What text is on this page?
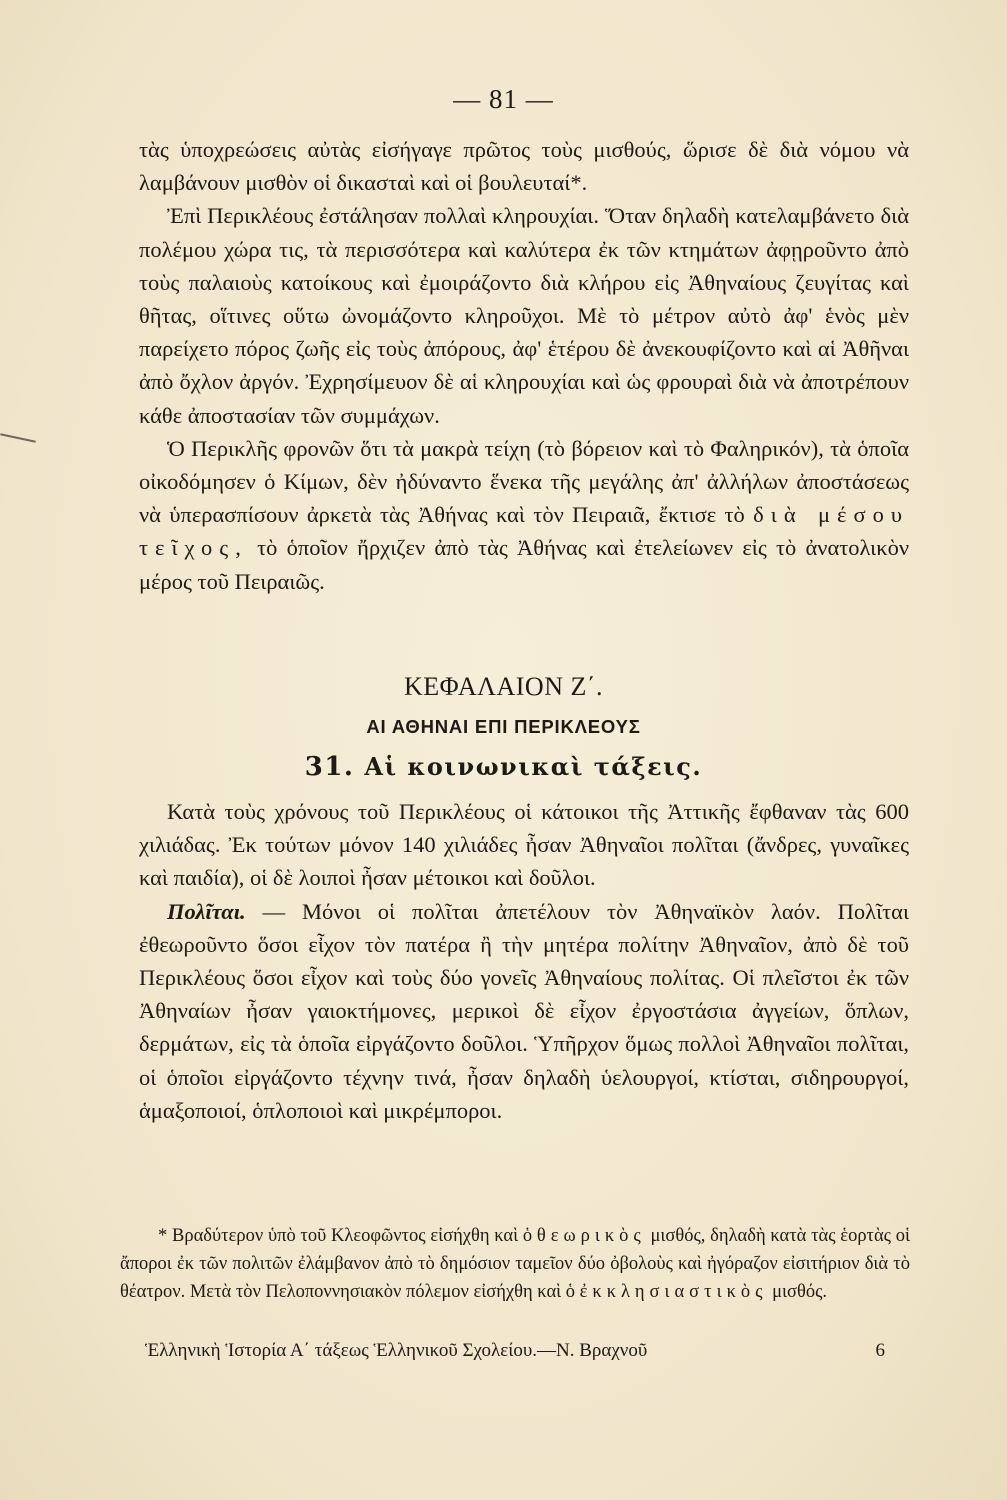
— 81 —

τὰς ὑποχρεώσεις αὐτὰς εἰσήγαγε πρῶτος τοὺς μισθούς, ὥρισε δὲ διὰ νόμου νὰ λαμβάνουν μισθὸν οἱ δικασταὶ καὶ οἱ βουλευταί*.

Ἐπὶ Περικλέους ἐστάλησαν πολλαὶ κληρουχίαι. Ὅταν δηλαδὴ κατελαμβάνετο διὰ πολέμου χώρα τις, τὰ περισσότερα καὶ καλύτερα ἐκ τῶν κτημάτων ἀφῃροῦντο ἀπὸ τοὺς παλαιοὺς κατοίκους καὶ ἐμοιράζοντο διὰ κλήρου εἰς Ἀθηναίους ζευγίτας καὶ θῆτας, οἵτινες οὕτω ὠνομάζοντο κληροῦχοι. Μὲ τὸ μέτρον αὐτὸ ἀφ' ἑνὸς μὲν παρείχετο πόρος ζωῆς εἰς τοὺς ἀπόρους, ἀφ' ἑτέρου δὲ ἀνεκουφίζοντο καὶ αἱ Ἀθῆναι ἀπὸ ὄχλον ἀργόν. Ἐχρησίμευον δὲ αἱ κληρουχίαι καὶ ὡς φρουραὶ διὰ νὰ ἀποτρέπουν κάθε ἀποστασίαν τῶν συμμάχων.

Ὁ Περικλῆς φρονῶν ὅτι τὰ μακρὰ τείχη (τὸ βόρειον καὶ τὸ Φαληρικόν), τὰ ὁποῖα οἰκοδόμησεν ὁ Κίμων, δὲν ἠδύναντο ἕνεκα τῆς μεγάλης ἀπ' ἀλλήλων ἀποστάσεως νὰ ὑπερασπίσουν ἀρκετὰ τὰς Ἀθήνας καὶ τὸν Πειραιᾶ, ἔκτισε τὸ διὰ μέσου τεῖχος, τὸ ὁποῖον ἤρχιζεν ἀπὸ τὰς Ἀθήνας καὶ ἐτελείωνεν εἰς τὸ ἀνατολικὸν μέρος τοῦ Πειραιῶς.

ΚΕΦΑΛΑΙΟΝ Ζ΄.
ΑΙ ΑΘΗΝΑΙ ΕΠΙ ΠΕΡΙΚΛΕΟΥΣ
31. Αἱ κοινωνικαὶ τάξεις.

Κατὰ τοὺς χρόνους τοῦ Περικλέους οἱ κάτοικοι τῆς Ἀττικῆς ἔφθαναν τὰς 600 χιλιάδας. Ἐκ τούτων μόνον 140 χιλιάδες ἦσαν Ἀθηναῖοι πολῖται (ἄνδρες, γυναῖκες καὶ παιδία), οἱ δὲ λοιποὶ ἦσαν μέτοικοι καὶ δοῦλοι.

Πολῖται. — Μόνοι οἱ πολῖται ἀπετέλουν τὸν Ἀθηναϊκὸν λαόν. Πολῖται ἐθεωροῦντο ὅσοι εἶχον τὸν πατέρα ἢ τὴν μητέρα πολίτην Ἀθηναῖον, ἀπὸ δὲ τοῦ Περικλέους ὅσοι εἶχον καὶ τοὺς δύο γονεῖς Ἀθηναίους πολίτας. Οἱ πλεῖστοι ἐκ τῶν Ἀθηναίων ἦσαν γαιοκτήμονες, μερικοὶ δὲ εἶχον ἐργοστάσια ἀγγείων, ὅπλων, δερμάτων, εἰς τὰ ὁποῖα εἰργάζοντο δοῦλοι. Ὑπῆρχον ὅμως πολλοὶ Ἀθηναῖοι πολῖται, οἱ ὁποῖοι εἰργάζοντο τέχνην τινά, ἦσαν δηλαδὴ ὑελουργοί, κτίσται, σιδηρουργοί, ἁμαξοποιοί, ὁπλοποιοὶ καὶ μικρέμποροι.

* Βραδύτερον ὑπὸ τοῦ Κλεοφῶντος εἰσήχθη καὶ ὁ θεωρικὸς μισθός, δηλαδὴ κατὰ τὰς ἑορτὰς οἱ ἄποροι ἐκ τῶν πολιτῶν ἐλάμβανον ἀπὸ τὸ δημόσιον ταμεῖον δύο ὀβολοὺς καὶ ἠγόραζον εἰσιτήριον διὰ τὸ θέατρον. Μετὰ τὸν Πελοποννησιακὸν πόλεμον εἰσήχθη καὶ ὁ ἐκκλησιαστικὸς μισθός.

Ἑλληνικὴ Ἱστορία Α΄ τάξεως Ἑλληνικοῦ Σχολείου.—Ν. Βραχνοῦ	6
